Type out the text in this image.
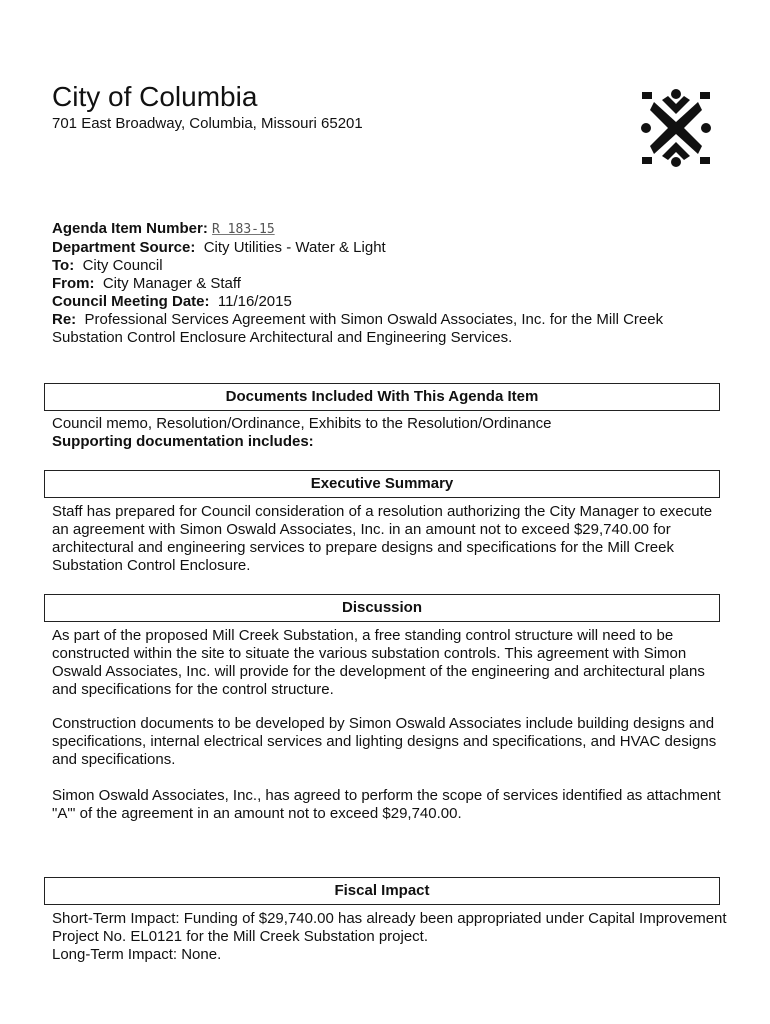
City of Columbia
701 East Broadway, Columbia, Missouri 65201
Agenda Item Number: R 183-15
Department Source: City Utilities - Water & Light
To: City Council
From: City Manager & Staff
Council Meeting Date: 11/16/2015
Re: Professional Services Agreement with Simon Oswald Associates, Inc. for the Mill Creek Substation Control Enclosure Architectural and Engineering Services.
Documents Included With This Agenda Item

Council memo, Resolution/Ordinance, Exhibits to the Resolution/Ordinance

Supporting documentation includes:

Executive Summary

Staff has prepared for Council consideration of a resolution authorizing the City Manager to execute an agreement with Simon Oswald Associates, Inc. in an amount not to exceed $29,740.00 for architectural and engineering services to prepare designs and specifications for the Mill Creek Substation Control Enclosure.

Discussion

As part of the proposed Mill Creek Substation, a free standing control structure will need to be constructed within the site to situate the various substation controls. This agreement with Simon Oswald Associates, Inc. will provide for the development of the engineering and architectural plans and specifications for the control structure.

Construction documents to be developed by Simon Oswald Associates include building designs and specifications, internal electrical services and lighting designs and specifications, and HVAC designs and specifications.

Simon Oswald Associates, Inc., has agreed to perform the scope of services identified as attachment "A"' of the agreement in an amount not to exceed $29,740.00.

Fiscal Impact

Short-Term Impact: Funding of $29,740.00 has already been appropriated under Capital Improvement Project No. EL0121 for the Mill Creek Substation project.

Long-Term Impact: None.
